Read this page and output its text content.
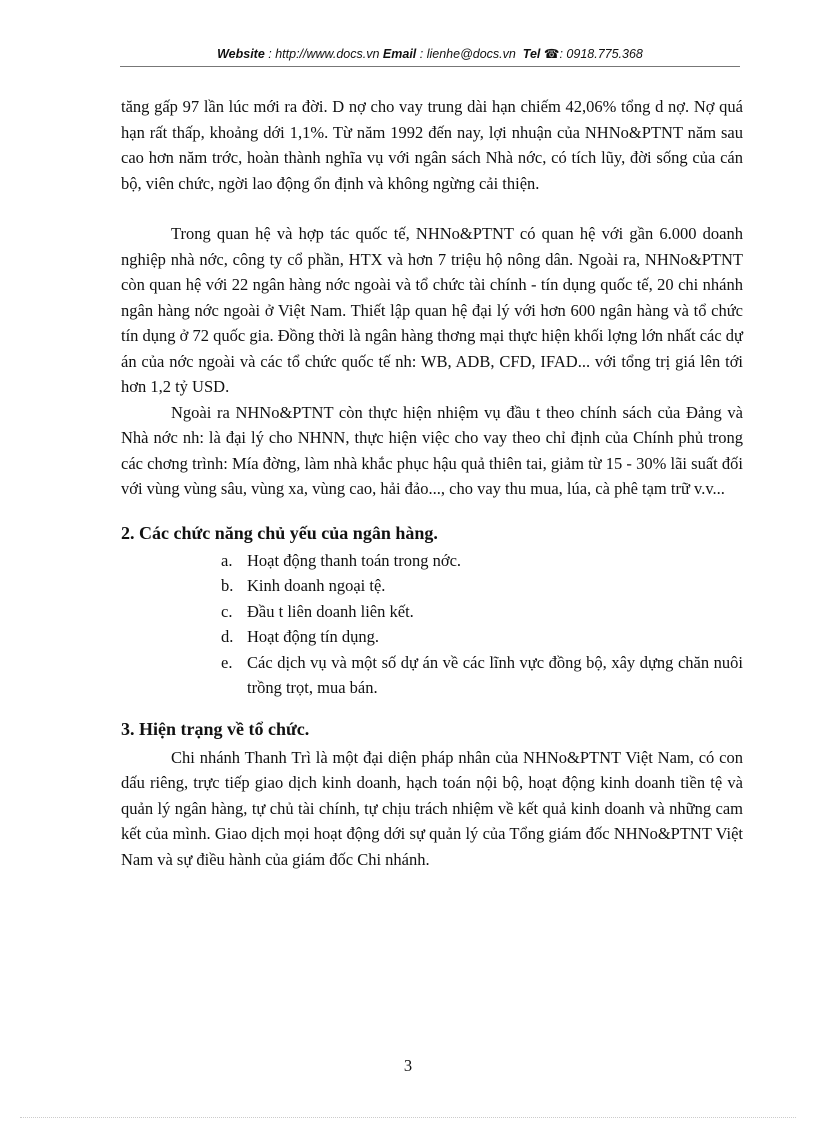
Website : http://www.docs.vn Email : lienhe@docs.vn Tel ☎: 0918.775.368

tăng gấp 97 lần lúc mới ra đời. D nợ cho vay trung dài hạn chiếm 42,06% tổng d nợ. Nợ quá hạn rất thấp, khoảng dới 1,1%. Từ năm 1992 đến nay, lợi nhuận của NHNo&PTNT năm sau cao hơn năm trớc, hoàn thành nghĩa vụ với ngân sách Nhà nớc, có tích lũy, đời sống của cán bộ, viên chức, ngời lao động ổn định và không ngừng cải thiện.

Trong quan hệ và hợp tác quốc tế, NHNo&PTNT có quan hệ với gần 6.000 doanh nghiệp nhà nớc, công ty cổ phần, HTX và hơn 7 triệu hộ nông dân. Ngoài ra, NHNo&PTNT còn quan hệ với 22 ngân hàng nớc ngoài và tổ chức tài chính - tín dụng quốc tế, 20 chi nhánh ngân hàng nớc ngoài ở Việt Nam. Thiết lập quan hệ đại lý với hơn 600 ngân hàng và tổ chức tín dụng ở 72 quốc gia. Đồng thời là ngân hàng thơng mại thực hiện khối lợng lớn nhất các dự án của nớc ngoài và các tổ chức quốc tế nh: WB, ADB, CFD, IFAD... với tổng trị giá lên tới hơn 1,2 tỷ USD.

Ngoài ra NHNo&PTNT còn thực hiện nhiệm vụ đầu t theo chính sách của Đảng và Nhà nớc nh: là đại lý cho NHNN, thực hiện việc cho vay theo chỉ định của Chính phủ trong các chơng trình: Mía đờng, làm nhà khắc phục hậu quả thiên tai, giảm từ 15 - 30% lãi suất đối với vùng vùng sâu, vùng xa, vùng cao, hải đảo..., cho vay thu mua, lúa, cà phê tạm trữ v.v...

2. Các chức năng chủ yếu của ngân hàng.
a. Hoạt động thanh toán trong nớc.
b. Kinh doanh ngoại tệ.
c. Đầu t liên doanh liên kết.
d. Hoạt động tín dụng.
e. Các dịch vụ và một số dự án về các lĩnh vực đồng bộ, xây dựng chăn nuôi trồng trọt, mua bán.
3. Hiện trạng về tổ chức.

Chi nhánh Thanh Trì là một đại diện pháp nhân của NHNo&PTNT Việt Nam, có con dấu riêng, trực tiếp giao dịch kinh doanh, hạch toán nội bộ, hoạt động kinh doanh tiền tệ và quản lý ngân hàng, tự chủ tài chính, tự chịu trách nhiệm về kết quả kinh doanh và những cam kết của mình. Giao dịch mọi hoạt động dới sự quản lý của Tổng giám đốc NHNo&PTNT Việt Nam và sự điều hành của giám đốc Chi nhánh.

3
